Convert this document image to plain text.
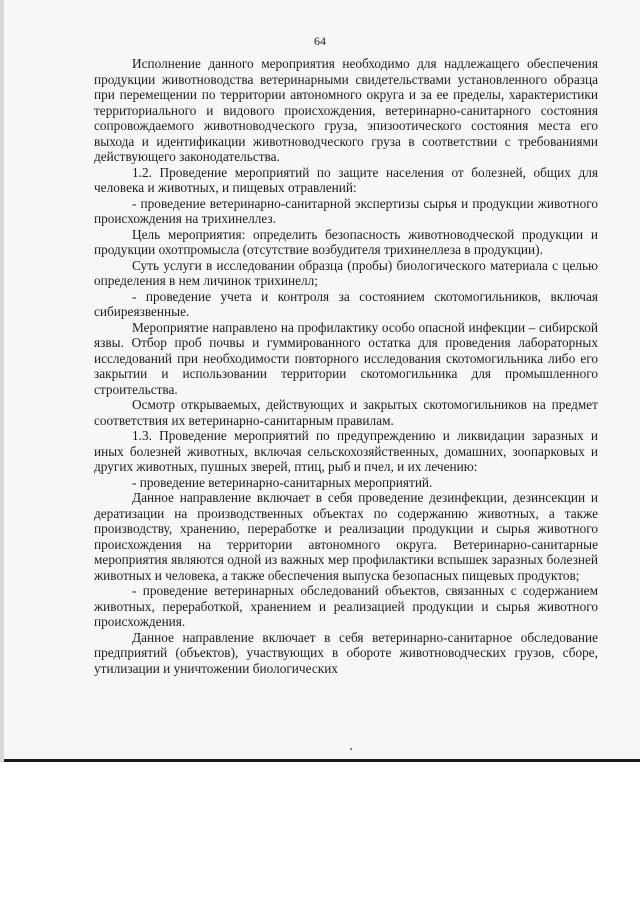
64

Исполнение данного мероприятия необходимо для надлежащего обеспечения продукции животноводства ветеринарными свидетельствами установленного образца при перемещении по территории автономного округа и за ее пределы, характеристики территориального и видового происхождения, ветеринарно-санитарного состояния сопровождаемого животноводческого груза, эпизоотического состояния места его выхода и идентификации животноводческого груза в соответствии с требованиями действующего законодательства.

1.2. Проведение мероприятий по защите населения от болезней, общих для человека и животных, и пищевых отравлений:

- проведение ветеринарно-санитарной экспертизы сырья и продукции животного происхождения на трихинеллез.

Цель мероприятия: определить безопасность животноводческой продукции и продукции охотпромысла (отсутствие возбудителя трихинеллеза в продукции).

Суть услуги в исследовании образца (пробы) биологического материала с целью определения в нем личинок трихинелл;

- проведение учета и контроля за состоянием скотомогильников, включая сибиреязвенные.

Мероприятие направлено на профилактику особо опасной инфекции – сибирской язвы. Отбор проб почвы и гуммированного остатка для проведения лабораторных исследований при необходимости повторного исследования скотомогильника либо его закрытии и использовании территории скотомогильника для промышленного строительства.

Осмотр открываемых, действующих и закрытых скотомогильников на предмет соответствия их ветеринарно-санитарным правилам.

1.3. Проведение мероприятий по предупреждению и ликвидации заразных и иных болезней животных, включая сельскохозяйственных, домашних, зоопарковых и других животных, пушных зверей, птиц, рыб и пчел, и их лечению:

- проведение ветеринарно-санитарных мероприятий.

Данное направление включает в себя проведение дезинфекции, дезинсекции и дератизации на производственных объектах по содержанию животных, а также производству, хранению, переработке и реализации продукции и сырья животного происхождения на территории автономного округа. Ветеринарно-санитарные мероприятия являются одной из важных мер профилактики вспышек заразных болезней животных и человека, а также обеспечения выпуска безопасных пищевых продуктов;

- проведение ветеринарных обследований объектов, связанных с содержанием животных, переработкой, хранением и реализацией продукции и сырья животного происхождения.

Данное направление включает в себя ветеринарно-санитарное обследование предприятий (объектов), участвующих в обороте животноводческих грузов, сборе, утилизации и уничтожении биологических
